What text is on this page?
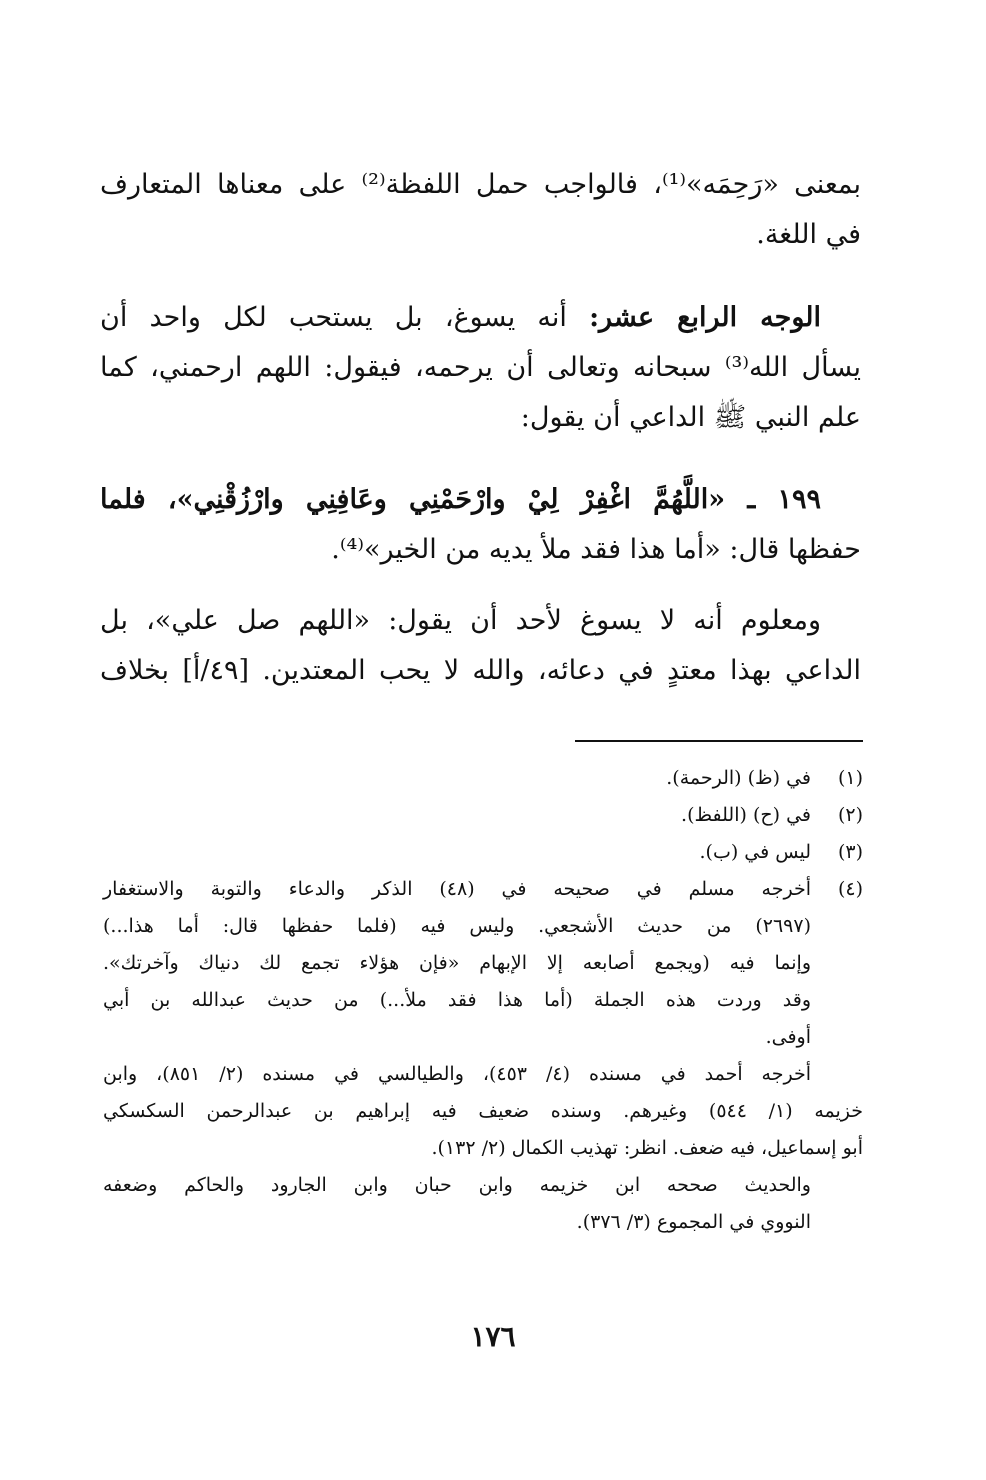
بمعنى «رَحِمَه»⁽¹⁾، فالواجب حمل اللفظة⁽²⁾ على معناها المتعارف
في اللغة.
الوجه الرابع عشر: أنه يسوغ، بل يستحب لكل واحد أن
يسأل الله⁽³⁾ سبحانه وتعالى أن يرحمه، فيقول: اللهم ارحمني، كما
علم النبي ﷺ الداعي أن يقول:
١٩٩ ـ «اللَّهُمَّ اغْفِرْ لِيْ وارْحَمْنِي وعَافِنِي وارْزُقْنِي»، فلما
حفظها قال: «أما هذا فقد ملأ يديه من الخير»⁽⁴⁾.
ومعلوم أنه لا يسوغ لأحد أن يقول: «اللهم صل علي»، بل
الداعي بهذا معتدٍ في دعائه، والله لا يحب المعتدين. [٤٩/أ] بخلاف
(١)
في (ظ) (الرحمة).
(٢)
في (ح) (اللفظ).
(٣)
ليس في (ب).
(٤)
أخرجه مسلم في صحيحه في (٤٨) الذكر والدعاء والتوبة والاستغفار
(٢٦٩٧) من حديث الأشجعي. وليس فيه (فلما حفظها قال: أما هذا...)
وإنما فيه (ويجمع أصابعه إلا الإبهام «فإن هؤلاء تجمع لك دنياك وآخرتك».
وقد وردت هذه الجملة (أما هذا فقد ملأ...) من حديث عبدالله بن أبي
أوفى.
أخرجه أحمد في مسنده (٤/ ٤٥٣)، والطيالسي في مسنده (٢/ ٨٥١)، وابن
خزيمه (١/ ٥٤٤) وغيرهم. وسنده ضعيف فيه إبراهيم بن عبدالرحمن السكسكي
أبو إسماعيل، فيه ضعف. انظر: تهذيب الكمال (٢/ ١٣٢).
والحديث صححه ابن خزيمه وابن حبان وابن الجارود والحاكم وضعفه
النووي في المجموع (٣/ ٣٧٦).
١٧٦
